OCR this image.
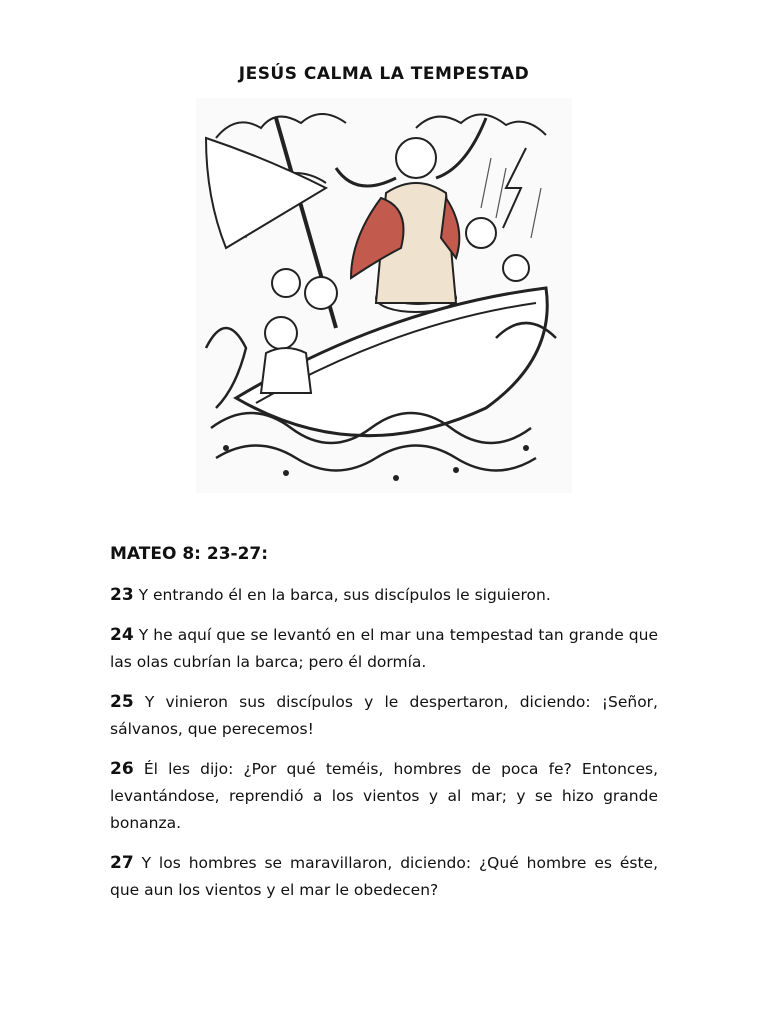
JESÚS CALMA LA TEMPESTAD
MATEO 8: 23-27:
23 Y entrando él en la barca, sus discípulos le siguieron.
24 Y he aquí que se levantó en el mar una tempestad tan grande que las olas cubrían la barca; pero él dormía.
25 Y vinieron sus discípulos y le despertaron, diciendo: ¡Señor, sálvanos, que perecemos!
26 Él les dijo: ¿Por qué teméis, hombres de poca fe? Entonces, levantándose, reprendió a los vientos y al mar; y se hizo grande bonanza.
27 Y los hombres se maravillaron, diciendo: ¿Qué hombre es éste, que aun los vientos y el mar le obedecen?
